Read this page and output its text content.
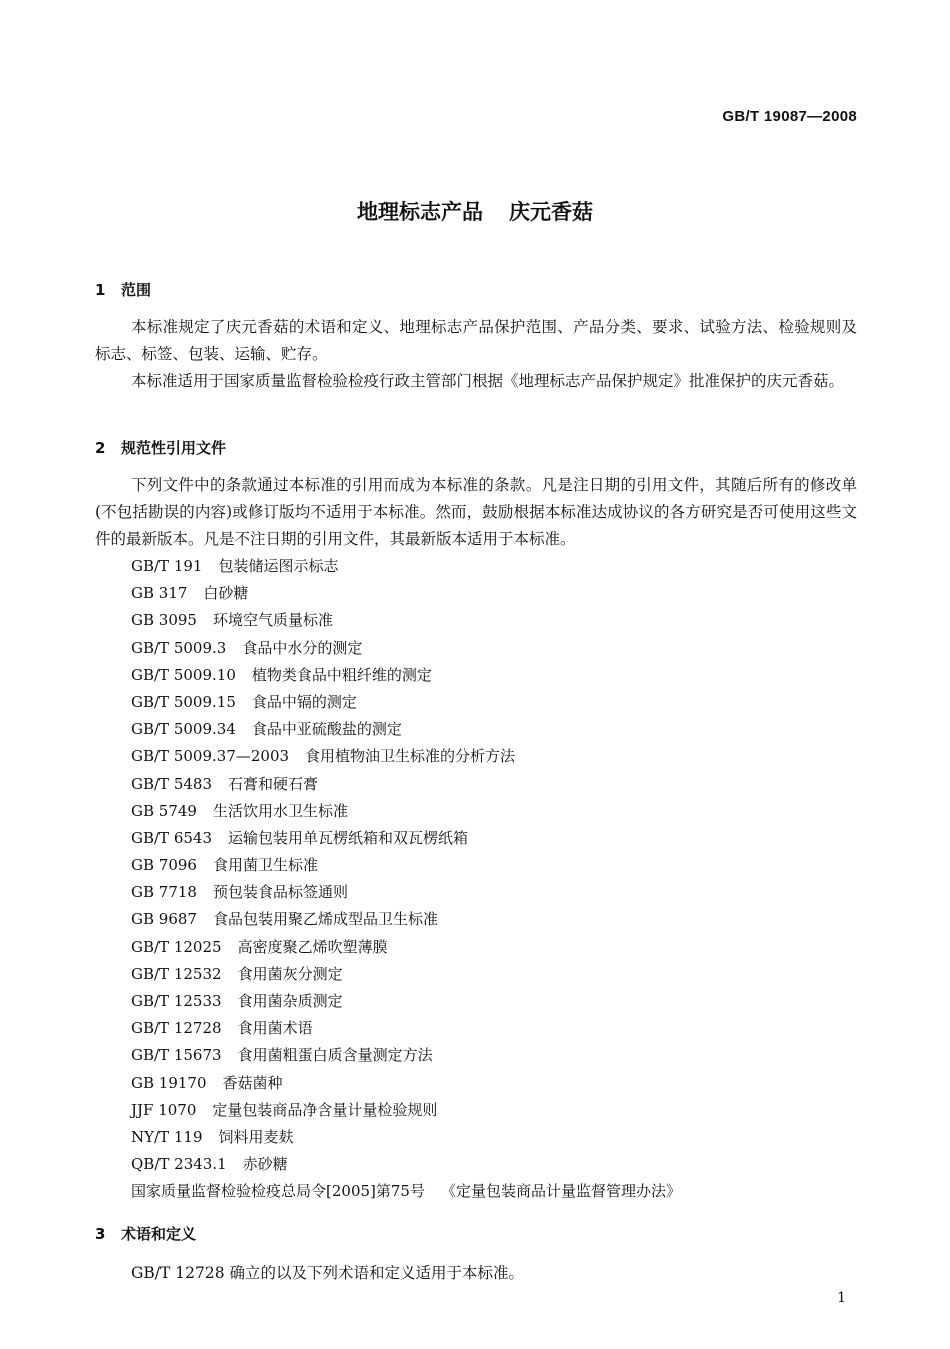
GB/T 19087—2008
地理标志产品 庆元香菇
1 范围

本标准规定了庆元香菇的术语和定义、地理标志产品保护范围、产品分类、要求、试验方法、检验规则及标志、标签、包装、运输、贮存。

本标准适用于国家质量监督检验检疫行政主管部门根据《地理标志产品保护规定》批准保护的庆元香菇。

2 规范性引用文件

下列文件中的条款通过本标准的引用而成为本标准的条款。凡是注日期的引用文件，其随后所有的修改单(不包括勘误的内容)或修订版均不适用于本标准。然而，鼓励根据本标准达成协议的各方研究是否可使用这些文件的最新版本。凡是不注日期的引用文件，其最新版本适用于本标准。

GB/T 191 包装储运图示标志
GB 317 白砂糖
GB 3095 环境空气质量标准
GB/T 5009.3 食品中水分的测定
GB/T 5009.10 植物类食品中粗纤维的测定
GB/T 5009.15 食品中镉的测定
GB/T 5009.34 食品中亚硫酸盐的测定
GB/T 5009.37—2003 食用植物油卫生标准的分析方法
GB/T 5483 石膏和硬石膏
GB 5749 生活饮用水卫生标准
GB/T 6543 运输包装用单瓦楞纸箱和双瓦楞纸箱
GB 7096 食用菌卫生标准
GB 7718 预包装食品标签通则
GB 9687 食品包装用聚乙烯成型品卫生标准
GB/T 12025 高密度聚乙烯吹塑薄膜
GB/T 12532 食用菌灰分测定
GB/T 12533 食用菌杂质测定
GB/T 12728 食用菌术语
GB/T 15673 食用菌粗蛋白质含量测定方法
GB 19170 香菇菌种
JJF 1070 定量包装商品净含量计量检验规则
NY/T 119 饲料用麦麸
QB/T 2343.1 赤砂糖
国家质量监督检验检疫总局令[2005]第75号 《定量包装商品计量监督管理办法》
3 术语和定义

GB/T 12728 确立的以及下列术语和定义适用于本标准。

1
